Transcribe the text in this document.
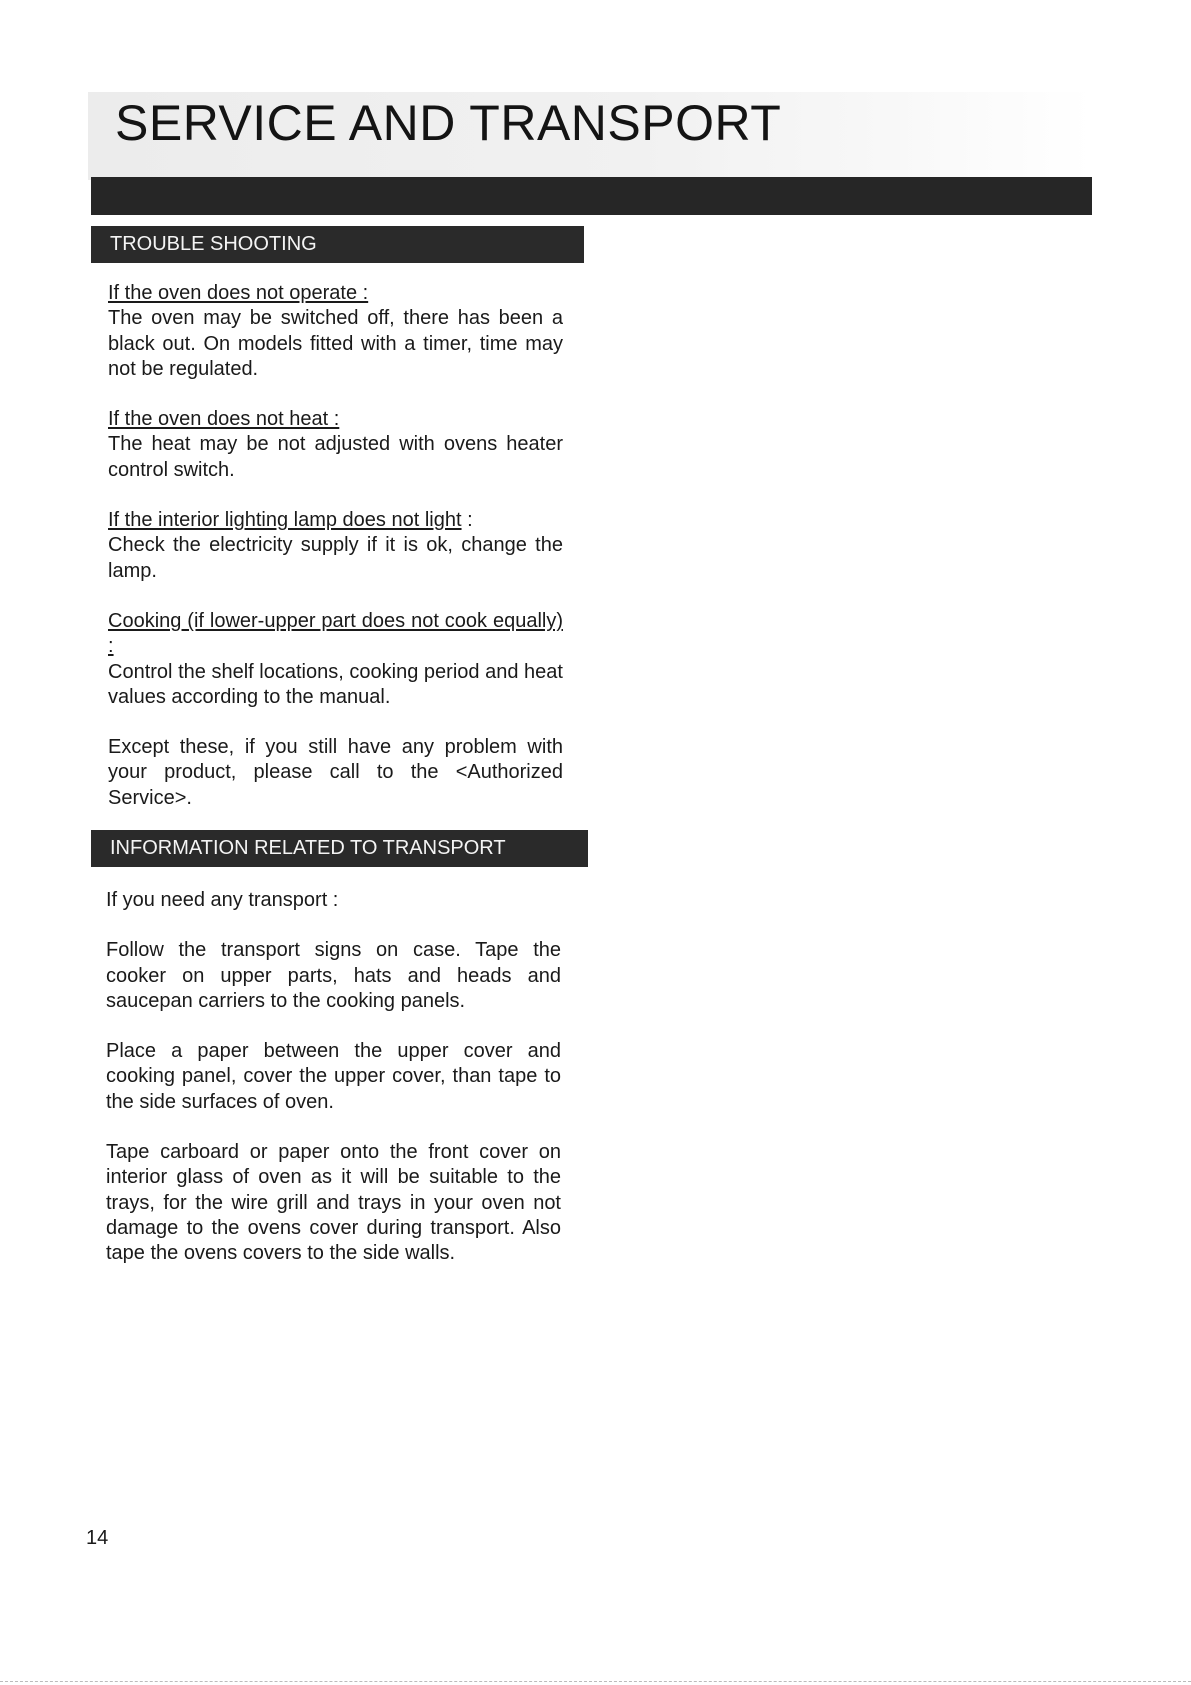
SERVICE AND TRANSPORT
TROUBLE SHOOTING

If the oven does not operate :
The oven may be switched off, there has been a black out. On models fitted with a timer, time may not be regulated.

If the oven does not heat :
The heat may be not adjusted with ovens heater control switch.

If the interior lighting lamp does not light :
Check the electricity supply if it is ok, change the lamp.

Cooking (if lower-upper part does not cook equally) :
Control the shelf locations, cooking period and heat values according to the manual.

Except these, if you still have any problem with your product, please call to the <Authorized Service>.

INFORMATION RELATED TO TRANSPORT

If you need any transport :

Follow the transport signs on case. Tape the cooker on upper parts, hats and heads and saucepan carriers to the cooking panels.

Place a paper between the upper cover and cooking panel, cover the upper cover, than tape to the side surfaces of oven.

Tape carboard or paper onto the front cover on interior glass of oven as it will be suitable to the trays, for the wire grill and trays in your oven not damage to the ovens cover during transport. Also tape the ovens covers to the side walls.

14
